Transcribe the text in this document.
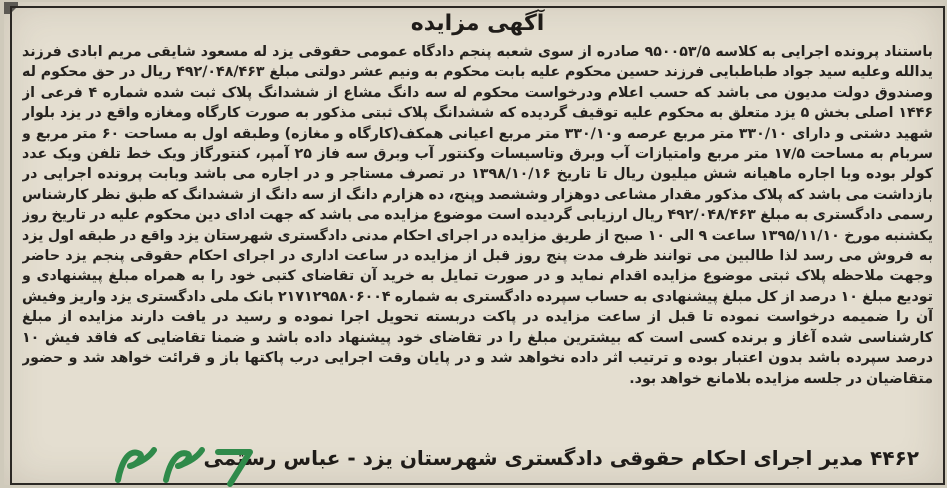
آگهی مزایده
باستناد پرونده اجرایی به کلاسه ۹۵۰۰۵۳/۵ صادره از سوی شعبه پنجم دادگاه عمومی حقوقی یزد له مسعود شایقی مریم ابادی فرزند یدالله وعلیه سید جواد طباطبایی فرزند حسین محکوم علیه بابت محکوم به ونیم عشر دولتی مبلغ ۴۹۲/۰۴۸/۴۶۳ ریال در حق محکوم له وصندوق دولت مدیون می باشد که حسب اعلام ودرخواست محکوم له سه دانگ مشاع از ششدانگ پلاک ثبت شده شماره ۴ فرعی از ۱۴۴۶ اصلی بخش ۵ یزد متعلق به محکوم علیه توقیف گردیده که ششدانگ پلاک ثبتی مذکور به صورت کارگاه ومغازه واقع در یزد بلوار شهید دشتی و دارای ۳۳۰/۱۰ متر مربع عرصه و۳۳۰/۱۰ متر مربع اعیانی همکف(کارگاه و مغازه) وطبقه اول به مساحت ۶۰ متر مربع و سربام به مساحت ۱۷/۵ متر مربع وامتیازات آب وبرق وتاسیسات وکنتور آب وبرق سه فاز ۲۵ آمپر، کنتورگاز ویک خط تلفن ویک عدد کولر بوده وبا اجاره ماهیانه شش میلیون ریال تا تاریخ ۱۳۹۸/۱۰/۱۶ در تصرف مستاجر و در اجاره می باشد وبابت پرونده اجرایی در بازداشت می باشد که پلاک مذکور مقدار مشاعی دوهزار وششصد وپنج، ده هزارم دانگ از سه دانگ از ششدانگ که طبق نظر کارشناس رسمی دادگستری به مبلغ ۴۹۲/۰۴۸/۴۶۳ ریال ارزیابی گردیده است موضوع مزایده می باشد که جهت ادای دین محکوم علیه در تاریخ روز یکشنبه مورخ ۱۳۹۵/۱۱/۱۰ ساعت ۹ الی ۱۰ صبح از طریق مزایده در اجرای احکام مدنی دادگستری شهرستان یزد واقع در طبقه اول یزد به فروش می رسد لذا طالبین می توانند ظرف مدت پنج روز قبل از مزایده در ساعت اداری در اجرای احکام حقوقی پنجم یزد حاضر وجهت ملاحظه پلاک ثبتی موضوع مزایده اقدام نماید و در صورت تمایل به خرید آن تقاضای کتبی خود را به همراه مبلغ پیشنهادی و تودیع مبلغ ۱۰ درصد از کل مبلغ پیشنهادی به حساب سپرده دادگستری به شماره ۲۱۷۱۲۹۵۸۰۶۰۰۴ بانک ملی دادگستری یزد واریز وفیش آن را ضمیمه درخواست نموده تا قبل از ساعت مزایده در پاکت دربسته تحویل اجرا نموده و رسید در یافت دارند مزایده از مبلغ کارشناسی شده آغاز و برنده کسی است که بیشترین مبلغ را در تقاضای خود پیشنهاد داده باشد و ضمنا تقاضایی که فاقد فیش ۱۰ درصد سپرده باشد بدون اعتبار بوده و ترتیب اثر داده نخواهد شد و در پایان وقت اجرایی درب پاکتها باز و قرائت خواهد شد و حضور متقاضیان در جلسه مزایده بلامانع خواهد بود.
۴۴۶۲ مدیر اجرای احکام حقوقی دادگستری شهرستان یزد - عباس رستمی
